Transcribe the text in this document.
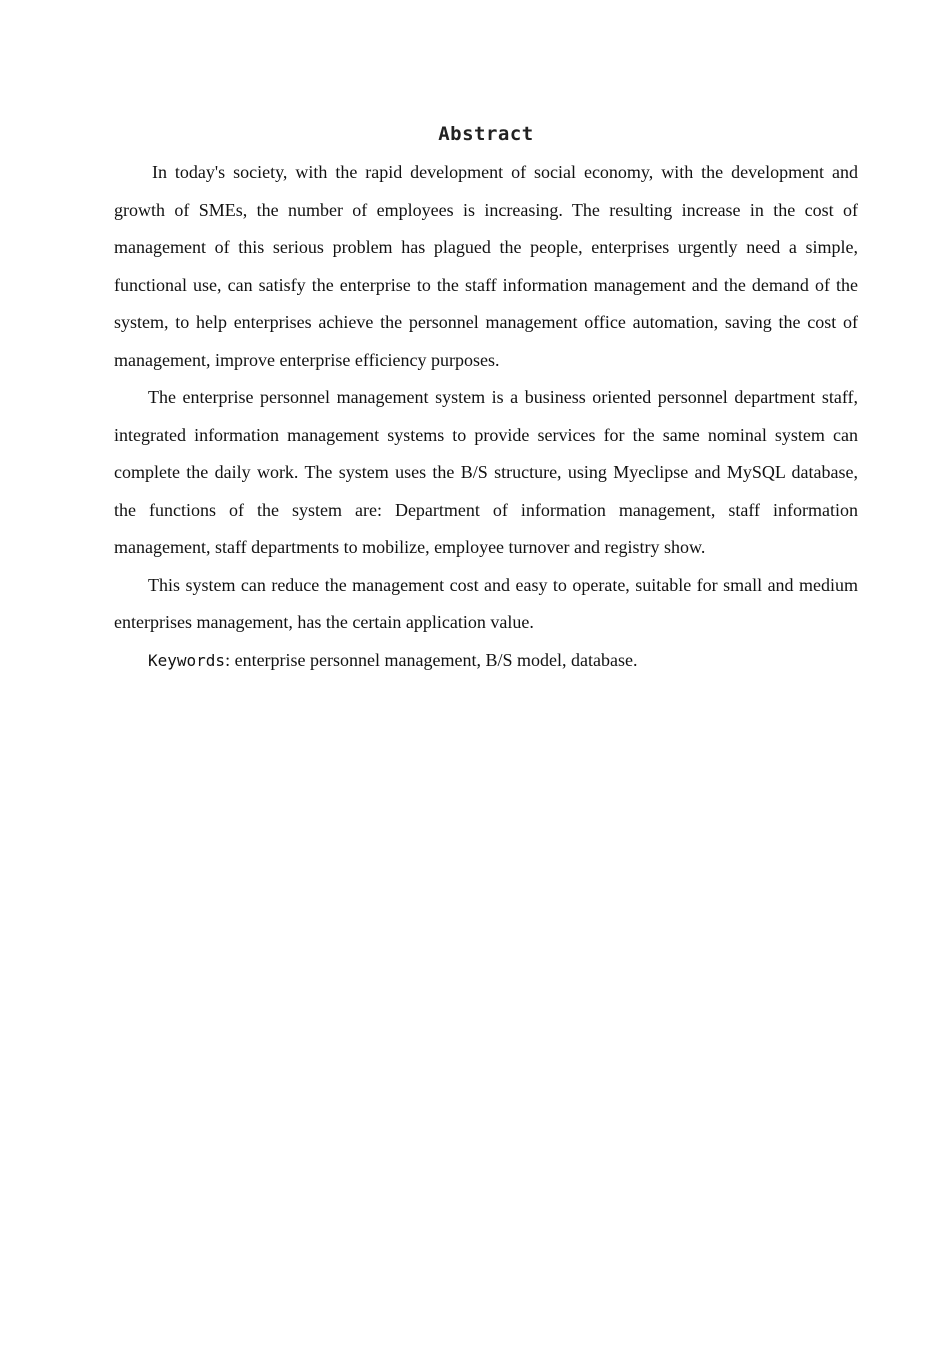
Abstract

In today's society, with the rapid development of social economy, with the development and growth of SMEs, the number of employees is increasing. The resulting increase in the cost of management of this serious problem has plagued the people, enterprises urgently need a simple, functional use, can satisfy the enterprise to the staff information management and the demand of the system, to help enterprises achieve the personnel management office automation, saving the cost of management, improve enterprise efficiency purposes.

The enterprise personnel management system is a business oriented personnel department staff, integrated information management systems to provide services for the same nominal system can complete the daily work. The system uses the B/S structure, using Myeclipse and MySQL database, the functions of the system are: Department of information management, staff information management, staff departments to mobilize, employee turnover and registry show.

This system can reduce the management cost and easy to operate, suitable for small and medium enterprises management, has the certain application value.

Keywords: enterprise personnel management, B/S model, database.
